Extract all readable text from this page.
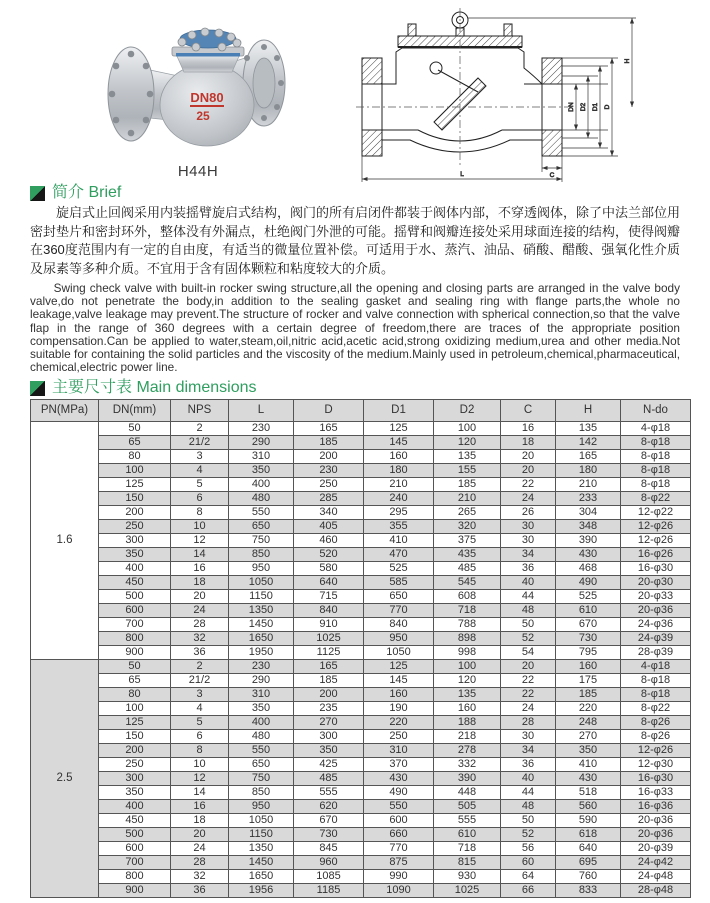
DN80
25
H44H
DN D2 D1 D
H
C
L
简介 Brief

旋启式止回阀采用内装摇臂旋启式结构，阀门的所有启闭件都装于阀体内部，不穿透阀体，除了中法兰部位用密封垫片和密封环外，整体没有外漏点，杜绝阀门外泄的可能。摇臂和阀瓣连接处采用球面连接的结构，使得阀瓣在360度范围内有一定的自由度，有适当的微量位置补偿。可适用于水、蒸汽、油品、硝酸、醋酸、强氧化性介质及尿素等多种介质。不宜用于含有固体颗粒和粘度较大的介质。

Swing check valve with built-in rocker swing structure,all the opening and closing parts are arranged in the valve body valve,do not penetrate the body,in addition to the sealing gasket and sealing ring with flange parts,the whole no leakage,valve leakage may prevent.The structure of rocker and valve connection with spherical connection,so that the valve flap in the range of 360 degrees with a certain degree of freedom,there are traces of the appropriate position compensation.Can be applied to water,steam,oil,nitric acid,acetic acid,strong oxidizing medium,urea and other media.Not suitable for containing the solid particles and the viscosity of the medium.Mainly used in petroleum,chemical,pharmaceutical, chemical,electric power line.

主要尺寸表 Main dimensions
PN(MPa)	DN(mm)	NPS	L	D	D1	D2	C	H	N-do
1.6	50	2	230	165	125	100	16	135	4-φ18
	65	21/2	290	185	145	120	18	142	8-φ18
	80	3	310	200	160	135	20	165	8-φ18
	100	4	350	230	180	155	20	180	8-φ18
	125	5	400	250	210	185	22	210	8-φ18
	150	6	480	285	240	210	24	233	8-φ22
	200	8	550	340	295	265	26	304	12-φ22
	250	10	650	405	355	320	30	348	12-φ26
	300	12	750	460	410	375	30	390	12-φ26
	350	14	850	520	470	435	34	430	16-φ26
	400	16	950	580	525	485	36	468	16-φ30
	450	18	1050	640	585	545	40	490	20-φ30
	500	20	1150	715	650	608	44	525	20-φ33
	600	24	1350	840	770	718	48	610	20-φ36
	700	28	1450	910	840	788	50	670	24-φ36
	800	32	1650	1025	950	898	52	730	24-φ39
	900	36	1950	1125	1050	998	54	795	28-φ39
2.5	50	2	230	165	125	100	20	160	4-φ18
	65	21/2	290	185	145	120	22	175	8-φ18
	80	3	310	200	160	135	22	185	8-φ18
	100	4	350	235	190	160	24	220	8-φ22
	125	5	400	270	220	188	28	248	8-φ26
	150	6	480	300	250	218	30	270	8-φ26
	200	8	550	350	310	278	34	350	12-φ26
	250	10	650	425	370	332	36	410	12-φ30
	300	12	750	485	430	390	40	430	16-φ30
	350	14	850	555	490	448	44	518	16-φ33
	400	16	950	620	550	505	48	560	16-φ36
	450	18	1050	670	600	555	50	590	20-φ36
	500	20	1150	730	660	610	52	618	20-φ36
	600	24	1350	845	770	718	56	640	20-φ39
	700	28	1450	960	875	815	60	695	24-φ42
	800	32	1650	1085	990	930	64	760	24-φ48
	900	36	1956	1185	1090	1025	66	833	28-φ48
